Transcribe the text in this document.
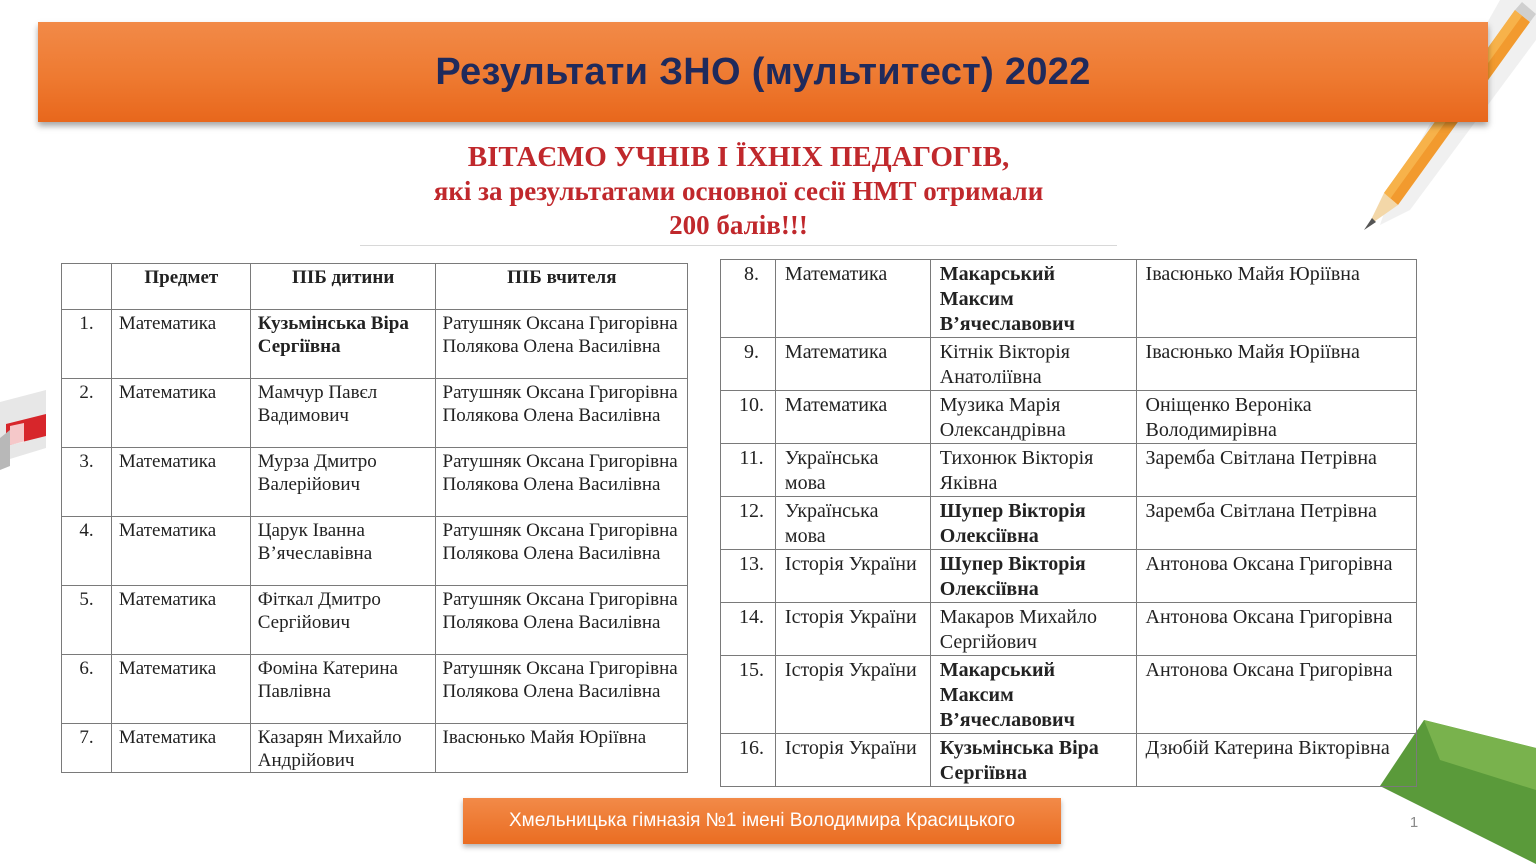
Результати ЗНО (мультитест) 2022
ВІТАЄМО УЧНІВ І ЇХНІХ ПЕДАГОГІВ,
які за результатами основної сесії НМТ отримали
200 балів!!!
	Предмет	ПІБ дитини	ПІБ вчителя
1.	Математика	Кузьмінська Віра Сергіївна	Ратушняк Оксана Григорівна
Полякова Олена Василівна

2.	Математика	Мамчур Павєл Вадимович	Ратушняк Оксана Григорівна
Полякова Олена Василівна

3.	Математика	Мурза Дмитро Валерійович	Ратушняк Оксана Григорівна
Полякова Олена Василівна

4.	Математика	Царук Іванна В’ячеславівна	Ратушняк Оксана Григорівна
Полякова Олена Василівна

5.	Математика	Фіткал Дмитро Сергійович	Ратушняк Оксана Григорівна
Полякова Олена Василівна

6.	Математика	Фоміна Катерина Павлівна	Ратушняк Оксана Григорівна
Полякова Олена Василівна

7.	Математика	Казарян Михайло Андрійович	Івасюнько Майя Юріївна
8.	Математика	Макарський Максим В’ячеславович	Івасюнько Майя Юріївна
9.	Математика	Кітнік Вікторія Анатоліївна	Івасюнько Майя Юріївна
10.	Математика	Музика Марія Олександрівна	Оніщенко Вероніка Володимирівна
11.	Українська мова	Тихонюк Вікторія Яківна	Заремба Світлана Петрівна
12.	Українська мова	Шупер Вікторія Олексіївна	Заремба Світлана Петрівна
13.	Історія України	Шупер Вікторія Олексіївна	Антонова Оксана Григорівна
14.	Історія України	Макаров Михайло Сергійович	Антонова Оксана Григорівна
15.	Історія України	Макарський Максим В’ячеславович	Антонова Оксана Григорівна
16.	Історія України	Кузьмінська Віра Сергіївна	Дзюбій Катерина Вікторівна
Хмельницька гімназія №1 імені Володимира Красицького	1
